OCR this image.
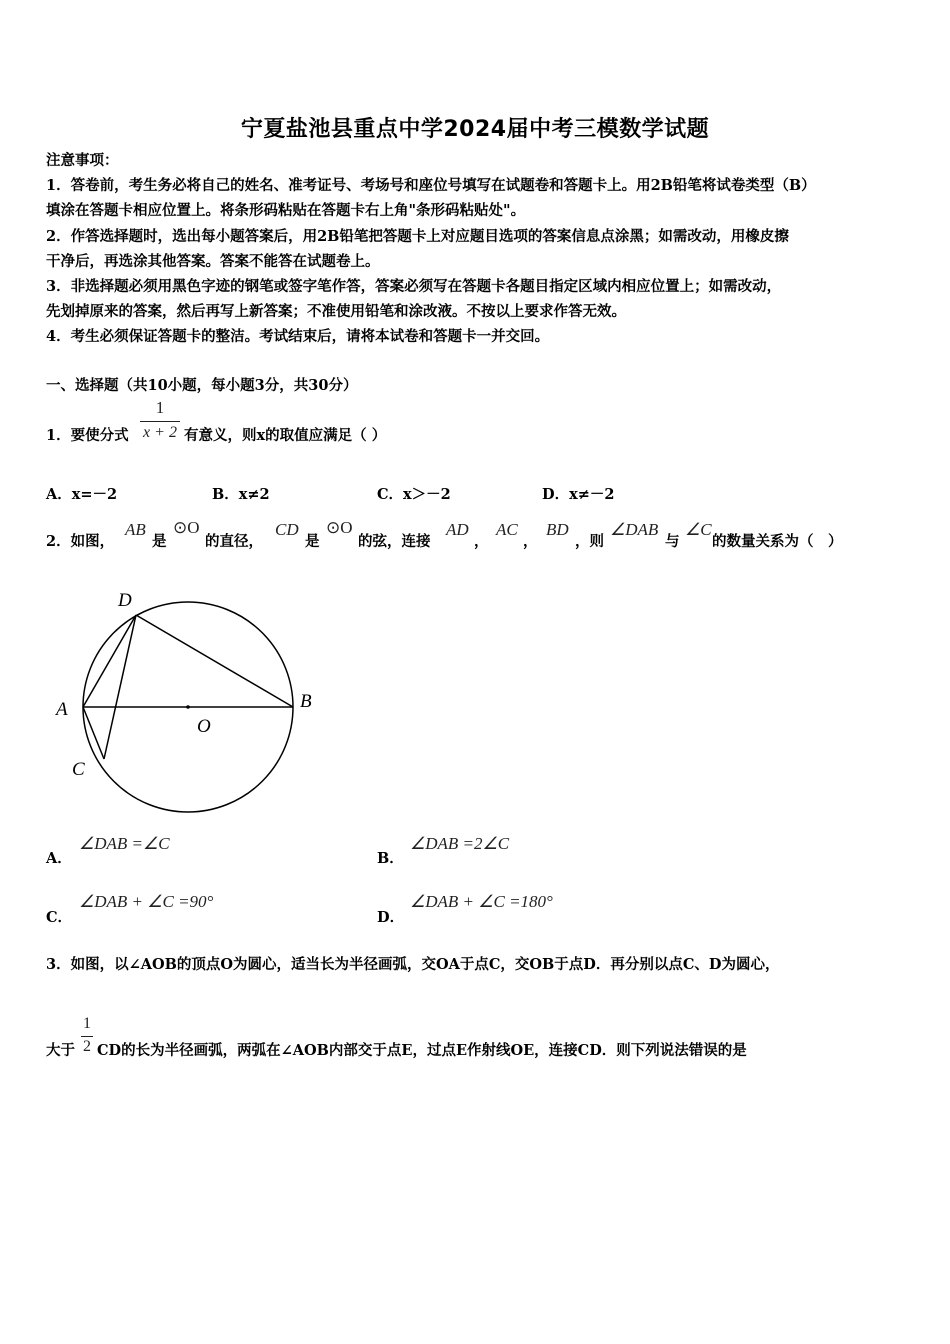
宁夏盐池县重点中学2024届中考三模数学试题
注意事项：
1．答卷前，考生务必将自己的姓名、准考证号、考场号和座位号填写在试题卷和答题卡上。用2B铅笔将试卷类型（B）
填涂在答题卡相应位置上。将条形码粘贴在答题卡右上角"条形码粘贴处"。
2．作答选择题时，选出每小题答案后，用2B铅笔把答题卡上对应题目选项的答案信息点涂黑；如需改动，用橡皮擦
干净后，再选涂其他答案。答案不能答在试题卷上。
3．非选择题必须用黑色字迹的钢笔或签字笔作答，答案必须写在答题卡各题目指定区域内相应位置上；如需改动，
先划掉原来的答案，然后再写上新答案；不准使用铅笔和涂改液。不按以上要求作答无效。
4．考生必须保证答题卡的整洁。考试结束后，请将本试卷和答题卡一并交回。
一、选择题（共10小题，每小题3分，共30分）
1．要使分式
1
x + 2 有意义，则x的取值应满足（ ）
A．x=－2	B．x≠2	C．x＞－2	D．x≠－2
2．如图，
AB
是
⊙O
的直径，
CD
是
⊙O
的弦，连接
AD
，
AC
，
BD
，则
∠DAB
与
∠C
的数量关系为（　）
D
A	B
O
C
A．
∠DAB =∠C
B．
∠DAB =2∠C
C．
∠DAB + ∠C =90°
D．
∠DAB + ∠C =180°
3．如图，以∠AOB的顶点O为圆心，适当长为半径画弧，交OA于点C，交OB于点D．再分别以点C、D为圆心，
大于
1
2 CD的长为半径画弧，两弧在∠AOB内部交于点E，过点E作射线OE，连接CD．则下列说法错误的是
